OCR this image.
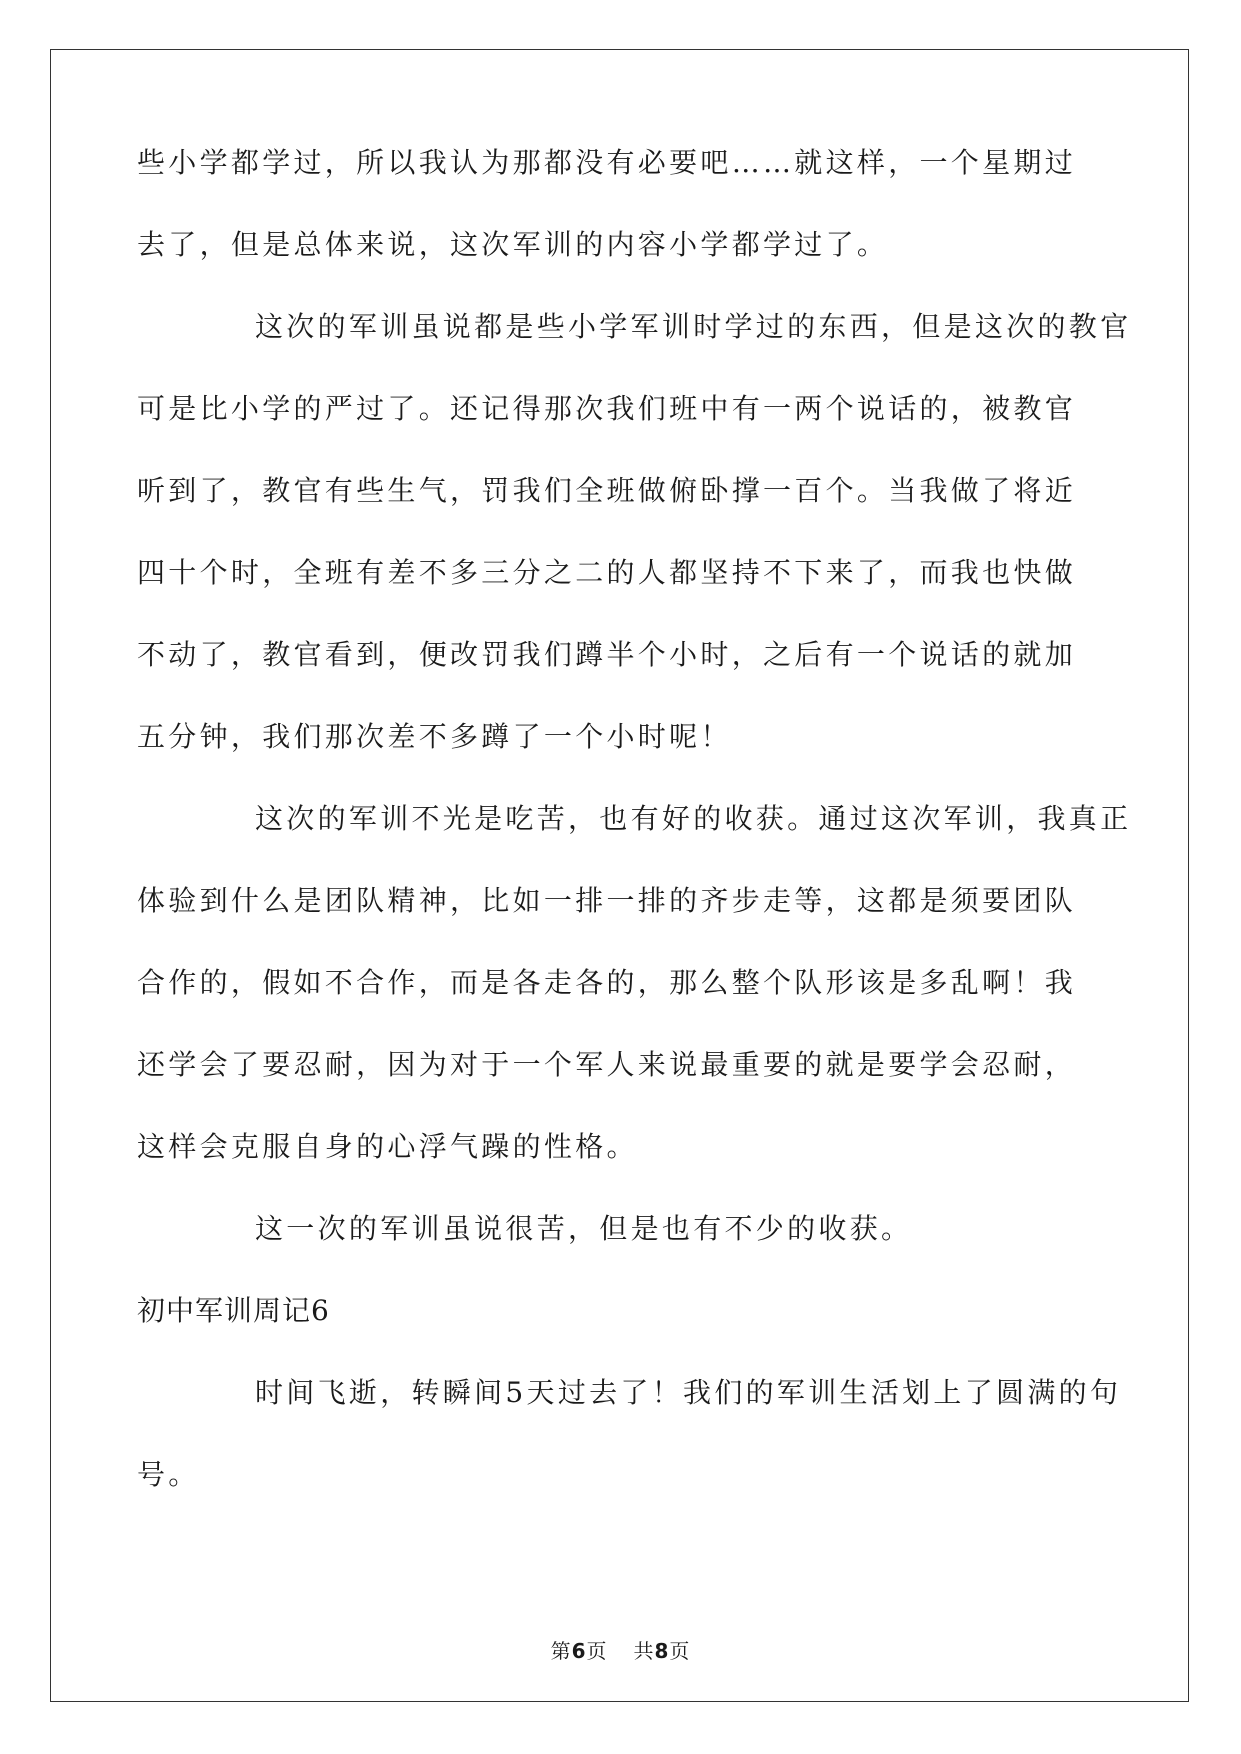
第6页 共8页
些小学都学过，所以我认为那都没有必要吧……就这样，一个星期过
去了，但是总体来说，这次军训的内容小学都学过了。
这次的军训虽说都是些小学军训时学过的东西，但是这次的教官
可是比小学的严过了。还记得那次我们班中有一两个说话的，被教官
听到了，教官有些生气，罚我们全班做俯卧撑一百个。当我做了将近
四十个时，全班有差不多三分之二的人都坚持不下来了，而我也快做
不动了，教官看到，便改罚我们蹲半个小时，之后有一个说话的就加
五分钟，我们那次差不多蹲了一个小时呢！
这次的军训不光是吃苦，也有好的收获。通过这次军训，我真正
体验到什么是团队精神，比如一排一排的齐步走等，这都是须要团队
合作的，假如不合作，而是各走各的，那么整个队形该是多乱啊！我
还学会了要忍耐，因为对于一个军人来说最重要的就是要学会忍耐，
这样会克服自身的心浮气躁的性格。
这一次的军训虽说很苦，但是也有不少的收获。
初中军训周记6
时间飞逝，转瞬间5天过去了！我们的军训生活划上了圆满的句
号。
